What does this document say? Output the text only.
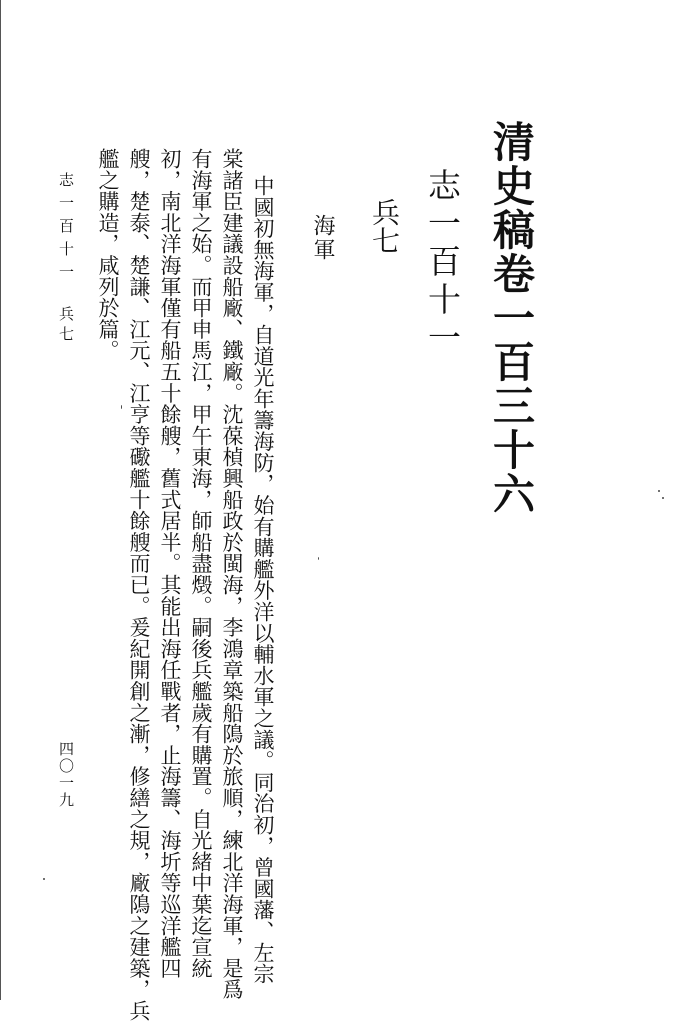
清史稿卷一百三十六
志一百十一
兵七
海軍
中國初無海軍，自道光年籌海防，始有購艦外洋以輔水軍之議。同治初，曾國藩、左宗
棠諸臣建議設船廠、鐵廠。沈葆楨興船政於閩海，李鴻章築船隝於旅順，練北洋海軍，是爲
有海軍之始。而甲申馬江，甲午東海，師船盡燬。嗣後兵艦歲有購置。自光緒中葉迄宣統
初，南北洋海軍僅有船五十餘艘，舊式居半。其能出海任戰者，止海籌、海圻等巡洋艦四
艘，楚泰、楚謙、江元、江亨等礮艦十餘艘而已。爰紀開創之漸，修繕之規，廠隝之建築，兵
艦之購造，咸列於篇。
志一百十一
兵七
四〇一九
